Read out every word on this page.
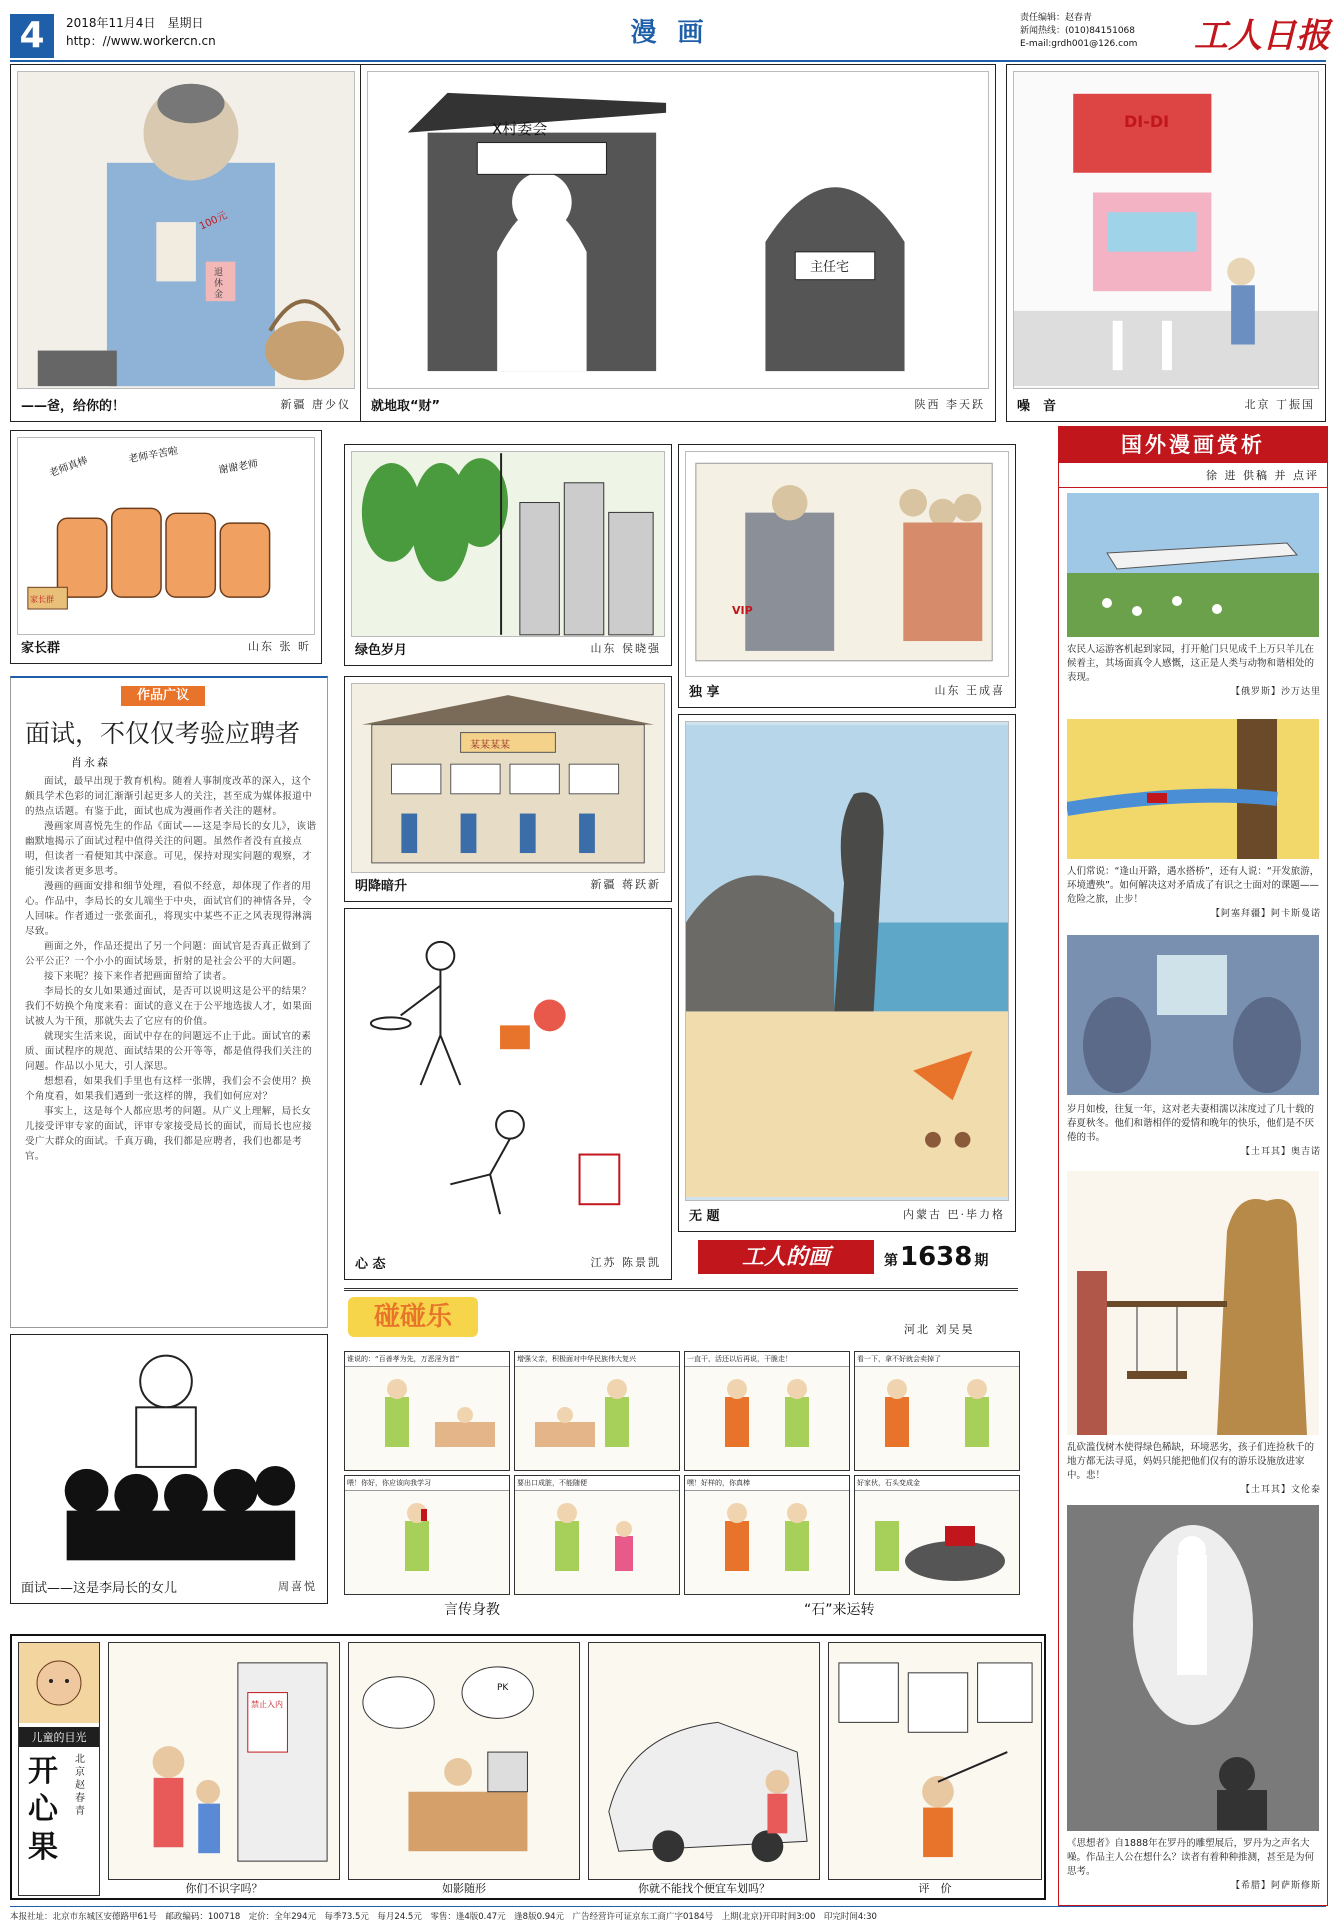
4	2018年11月4日　星期日
http：//www.workercn.cn	漫 画	责任编辑：赵春青
新闻热线：(010)84151068
E-mail:grdh001@126.com	工人日报
100元
退休金
——爸，给你的！	新疆 唐少仪
X村委会
主任宅
就地取“财”	陕西 李天跃
DI-DI
噪　音	北京 丁振国
老师真棒	老师辛苦啦
谢谢老师
家长群
家长群	山东 张 昕
作品广议
面试，不仅仅考验应聘者
肖永森

面试，最早出现于教育机构。随着人事制度改革的深入，这个颇具学术色彩的词汇渐渐引起更多人的关注，甚至成为媒体报道中的热点话题。有鉴于此，面试也成为漫画作者关注的题材。

漫画家周喜悦先生的作品《面试——这是李局长的女儿》，诙谐幽默地揭示了面试过程中值得关注的问题。虽然作者没有直接点明，但读者一看便知其中深意。可见，保持对现实问题的观察，才能引发读者更多思考。

漫画的画面安排和细节处理，看似不经意，却体现了作者的用心。作品中，李局长的女儿端坐于中央，面试官们的神情各异，令人回味。作者通过一张张面孔，将现实中某些不正之风表现得淋漓尽致。

画面之外，作品还提出了另一个问题：面试官是否真正做到了公平公正？一个小小的面试场景，折射的是社会公平的大问题。

接下来呢？接下来作者把画面留给了读者。

李局长的女儿如果通过面试，是否可以说明这是公平的结果？我们不妨换个角度来看：面试的意义在于公平地选拔人才，如果面试被人为干预，那就失去了它应有的价值。

就现实生活来说，面试中存在的问题远不止于此。面试官的素质、面试程序的规范、面试结果的公开等等，都是值得我们关注的问题。作品以小见大，引人深思。

想想看，如果我们手里也有这样一张牌，我们会不会使用？换个角度看，如果我们遇到一张这样的牌，我们如何应对？

事实上，这是每个人都应思考的问题。从广义上理解，局长女儿接受评审专家的面试，评审专家接受局长的面试，而局长也应接受广大群众的面试。千真万确，我们都是应聘者，我们也都是考官。

面试——这是李局长的女儿	周喜悦
绿色岁月	山东 侯晓强
VIP
独 享	山东 王成喜
某某某某
明降暗升	新疆 蒋跃新
心 态	江苏 陈景凯
无 题	内蒙古 巴·毕力格
工人的画	第 1638 期
碰碰乐	河北 刘吴昊
谁说的：“百善孝为先，万恶淫为首”	增强父亲，积极面对中华民族伟大复兴	一直干，活还以后再说，干脆走！	看一下，拿不好就会卖掉了
喂！你好，你应该向我学习	要出口成脏，不能随便	嘿！好样的，你真棒	好家伙，石头变成金
言传身教	“石”来运转
国外漫画赏析
徐 进 供稿 并 点评
农民人运游客机起到家园，打开舱门只见成千上万只羊儿在候着主，其场面真令人感慨，这正是人类与动物和谐相处的表现。
【俄罗斯】沙万达里
人们常说：“逢山开路，遇水搭桥”，还有人说：“开发旅游，环境遭殃”。如何解决这对矛盾成了有识之士面对的课题——危险之旅，止步！
【阿塞拜疆】阿卡斯曼诺
岁月如梭，往复一年，这对老夫妻相濡以沫度过了几十载的春夏秋冬。他们和谐相伴的爱情和晚年的快乐，他们是不厌倦的书。
【土耳其】奥吉诺
乱砍滥伐树木使得绿色稀缺，环境恶劣，孩子们连捡秋千的地方都无法寻觅，妈妈只能把他们仅有的游乐设施放进家中。悲！
【土耳其】文伦泰
《思想者》自1888年在罗丹的雕塑展后，罗丹为之声名大噪。作品主人公在想什么？读者有着种种推测，甚至是为何思考。
【希腊】阿萨斯修斯
儿童的目光
开心果
北京 赵春青
禁止入内
PK
你们不识字吗？	如影随形	你就不能找个便宜车划吗？	评　价
本报社址：北京市东城区安德路甲61号　邮政编码：100718　定价：全年294元　每季73.5元　每月24.5元　零售：逢4版0.47元　逢8版0.94元　广告经营许可证京东工商广字0184号　上期(北京)开印时间3:00　印完时间4:30
